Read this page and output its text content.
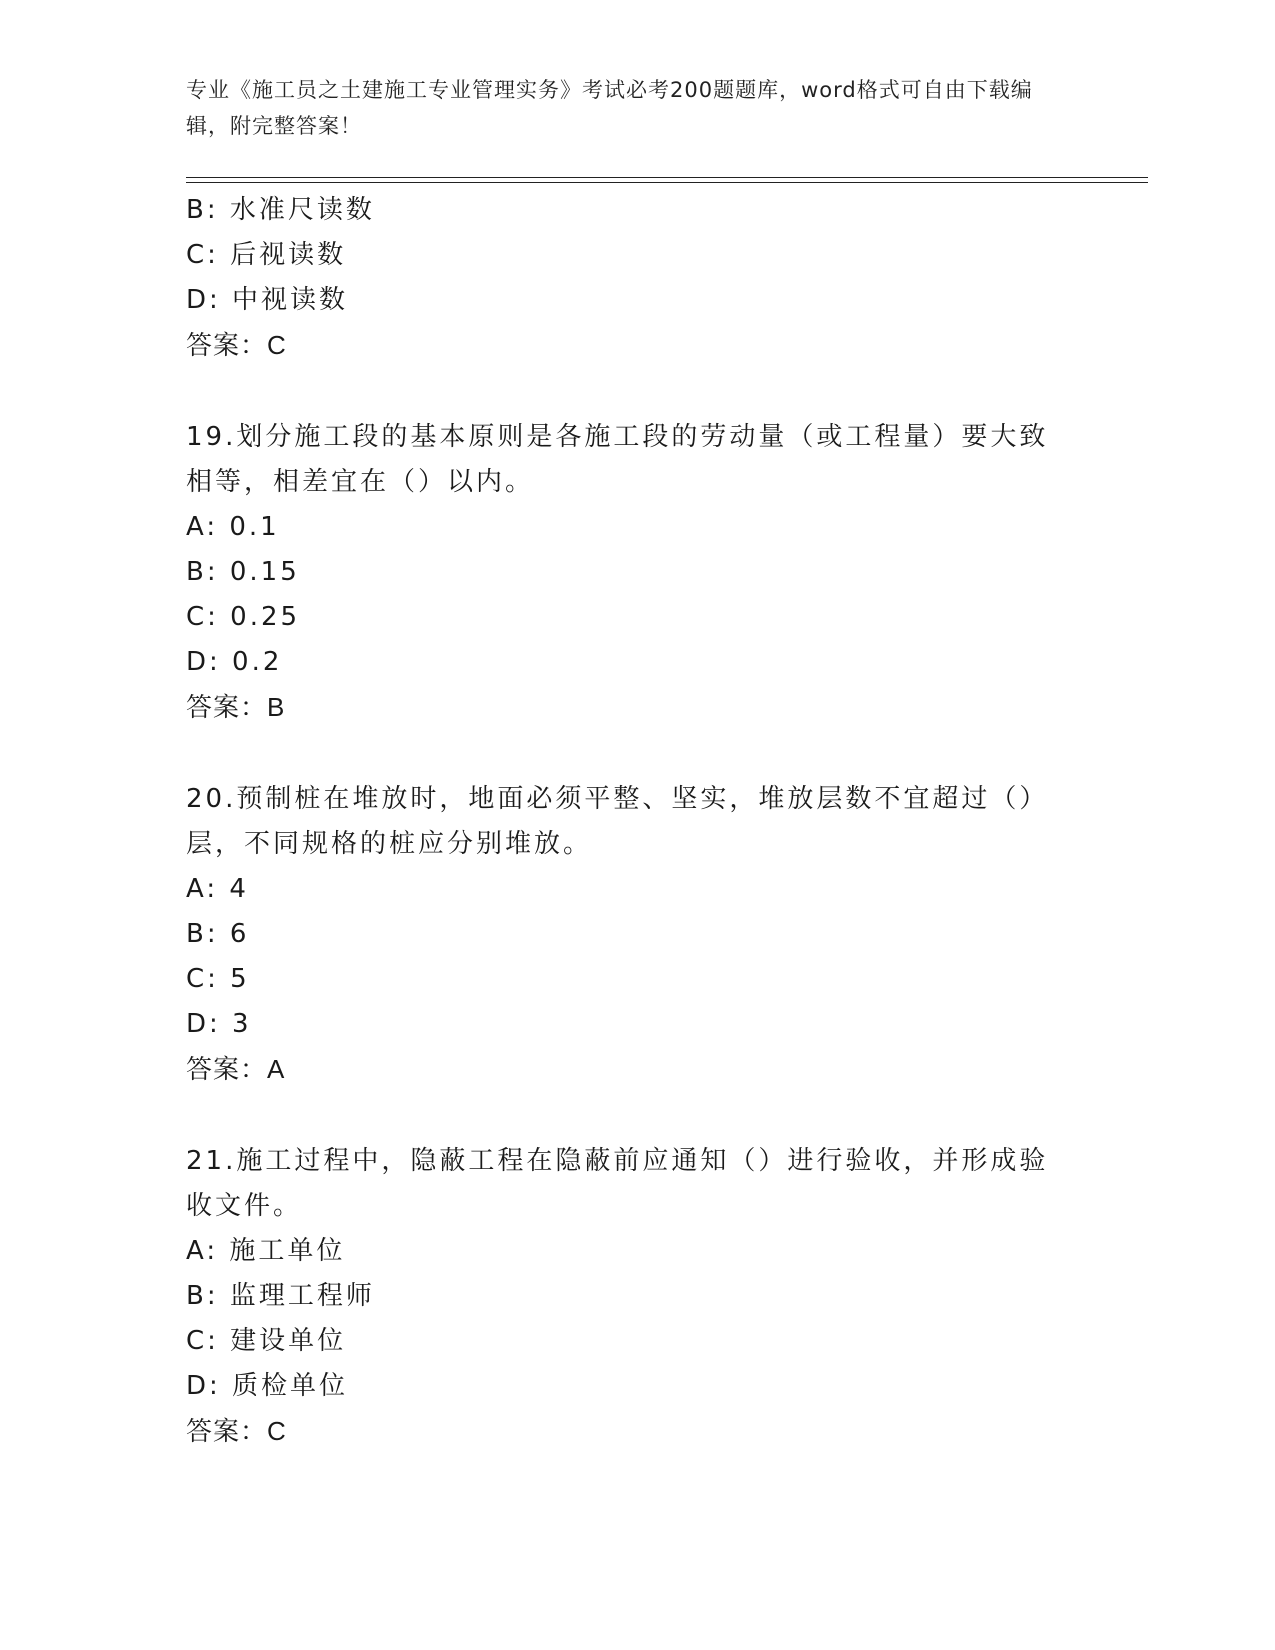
专业《施工员之土建施工专业管理实务》考试必考200题题库，word格式可自由下载编辑，附完整答案！
B: 水准尺读数
C: 后视读数
D: 中视读数
答案：C
19.划分施工段的基本原则是各施工段的劳动量（或工程量）要大致相等，相差宜在（）以内。
A: 0.1
B: 0.15
C: 0.25
D: 0.2
答案：B
20.预制桩在堆放时，地面必须平整、坚实，堆放层数不宜超过（）层，不同规格的桩应分别堆放。
A: 4
B: 6
C: 5
D: 3
答案：A
21.施工过程中，隐蔽工程在隐蔽前应通知（）进行验收，并形成验收文件。
A: 施工单位
B: 监理工程师
C: 建设单位
D: 质检单位
答案：C
